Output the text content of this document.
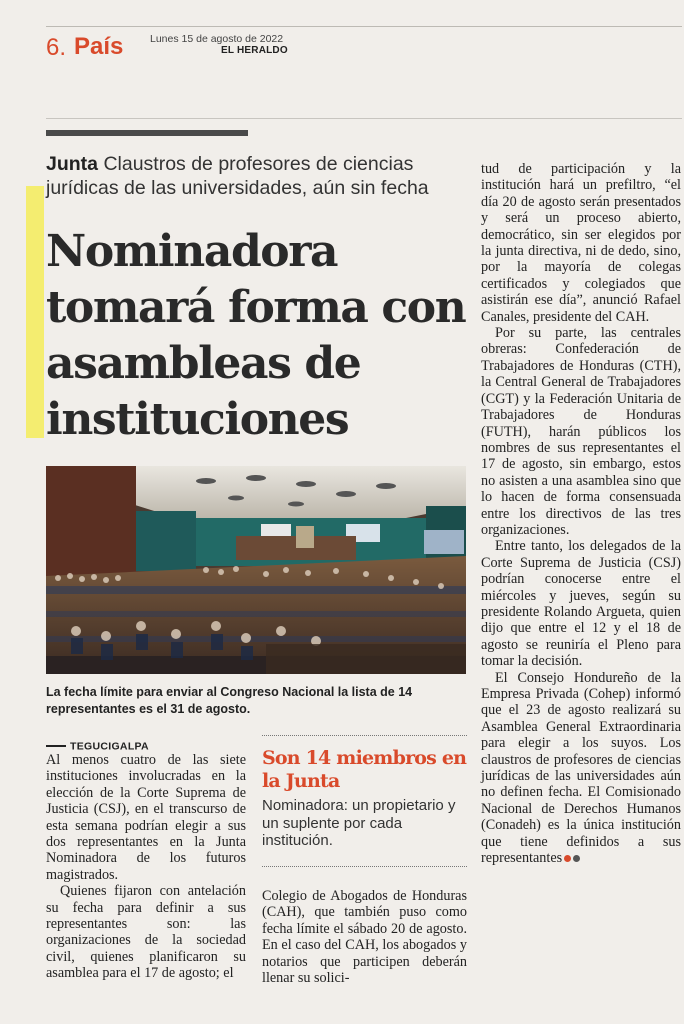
6. País	Lunes 15 de agosto de 2022
EL HERALDO
Junta Claustros de profesores de ciencias jurídicas de las universidades, aún sin fecha
Nominadora tomará forma con asambleas de instituciones
La fecha límite para enviar al Congreso Nacional la lista de 14 representantes es el 31 de agosto.
TEGUCIGALPA

Al menos cuatro de las siete instituciones involucradas en la elección de la Corte Suprema de Justicia (CSJ), en el transcurso de esta semana podrían elegir a sus dos representantes en la Junta Nominadora de los futuros magistrados.

Quienes fijaron con antelación su fecha para definir a sus representantes son: las organizaciones de la sociedad civil, quienes planificaron su asamblea para el 17 de agosto; el

Son 14 miembros en la Junta
Nominadora: un propietario y un suplente por cada institución.

Colegio de Abogados de Honduras (CAH), que también puso como fecha límite el sábado 20 de agosto. En el caso del CAH, los abogados y notarios que participen deberán llenar su solici-

tud de participación y la institución hará un prefiltro, “el día 20 de agosto serán presentados y será un proceso abierto, democrático, sin ser elegidos por la junta directiva, ni de dedo, sino, por la mayoría de colegas certificados y colegiados que asistirán ese día”, anunció Rafael Canales, presidente del CAH.

Por su parte, las centrales obreras: Confederación de Trabajadores de Honduras (CTH), la Central General de Trabajadores (CGT) y la Federación Unitaria de Trabajadores de Honduras (FUTH), harán públicos los nombres de sus representantes el 17 de agosto, sin embargo, estos no asisten a una asamblea sino que lo hacen de forma consensuada entre los directivos de las tres organizaciones.

Entre tanto, los delegados de la Corte Suprema de Justicia (CSJ) podrían conocerse entre el miércoles y jueves, según su presidente Rolando Argueta, quien dijo que entre el 12 y el 18 de agosto se reuniría el Pleno para tomar la decisión.

El Consejo Hondureño de la Empresa Privada (Cohep) informó que el 23 de agosto realizará su Asamblea General Extraordinaria para elegir a los suyos. Los claustros de profesores de ciencias jurídicas de las universidades aún no definen fecha. El Comisionado Nacional de Derechos Humanos (Conadeh) es la única institución que tiene definidos a sus representantes
